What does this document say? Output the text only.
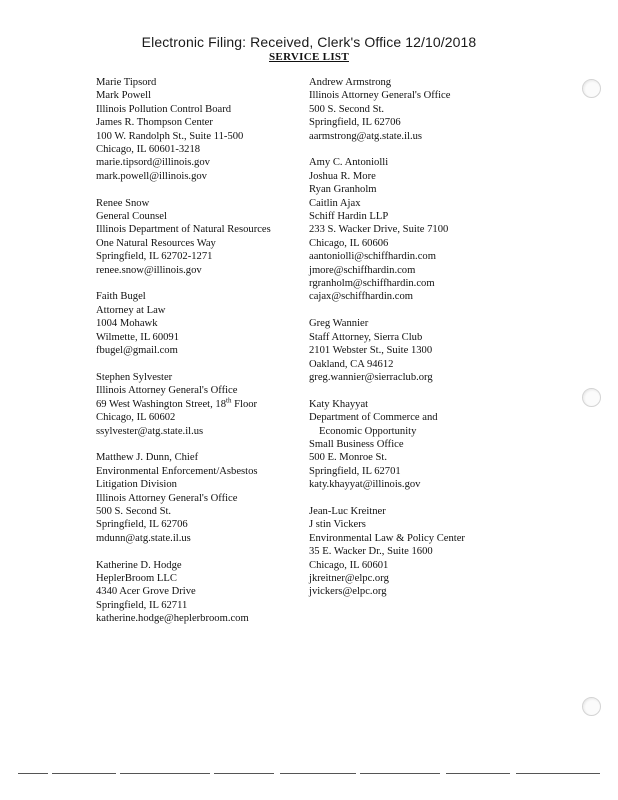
Electronic Filing: Received, Clerk's Office 12/10/2018
SERVICE LIST
Marie Tipsord
Mark Powell
Illinois Pollution Control Board
James R. Thompson Center
100 W. Randolph St., Suite 11-500
Chicago, IL 60601-3218
marie.tipsord@illinois.gov
mark.powell@illinois.gov
Renee Snow
General Counsel
Illinois Department of Natural Resources
One Natural Resources Way
Springfield, IL 62702-1271
renee.snow@illinois.gov
Faith Bugel
Attorney at Law
1004 Mohawk
Wilmette, IL 60091
fbugel@gmail.com
Stephen Sylvester
Illinois Attorney General's Office
69 West Washington Street, 18th Floor
Chicago, IL 60602
ssylvester@atg.state.il.us
Matthew J. Dunn, Chief
Environmental Enforcement/Asbestos
Litigation Division
Illinois Attorney General's Office
500 S. Second St.
Springfield, IL 62706
mdunn@atg.state.il.us
Katherine D. Hodge
HeplerBroom LLC
4340 Acer Grove Drive
Springfield, IL 62711
katherine.hodge@heplerbroom.com
Andrew Armstrong
Illinois Attorney General's Office
500 S. Second St.
Springfield, IL 62706
aarmstrong@atg.state.il.us
Amy C. Antoniolli
Joshua R. More
Ryan Granholm
Caitlin Ajax
Schiff Hardin LLP
233 S. Wacker Drive, Suite 7100
Chicago, IL 60606
aantoniolli@schiffhardin.com
jmore@schiffhardin.com
rgranholm@schiffhardin.com
cajax@schiffhardin.com
Greg Wannier
Staff Attorney, Sierra Club
2101 Webster St., Suite 1300
Oakland, CA 94612
greg.wannier@sierraclub.org
Katy Khayyat
Department of Commerce and
Economic Opportunity
Small Business Office
500 E. Monroe St.
Springfield, IL 62701
katy.khayyat@illinois.gov
Jean-Luc Kreitner
J stin Vickers
Environmental Law & Policy Center
35 E. Wacker Dr., Suite 1600
Chicago, IL 60601
jkreitner@elpc.org
jvickers@elpc.org
